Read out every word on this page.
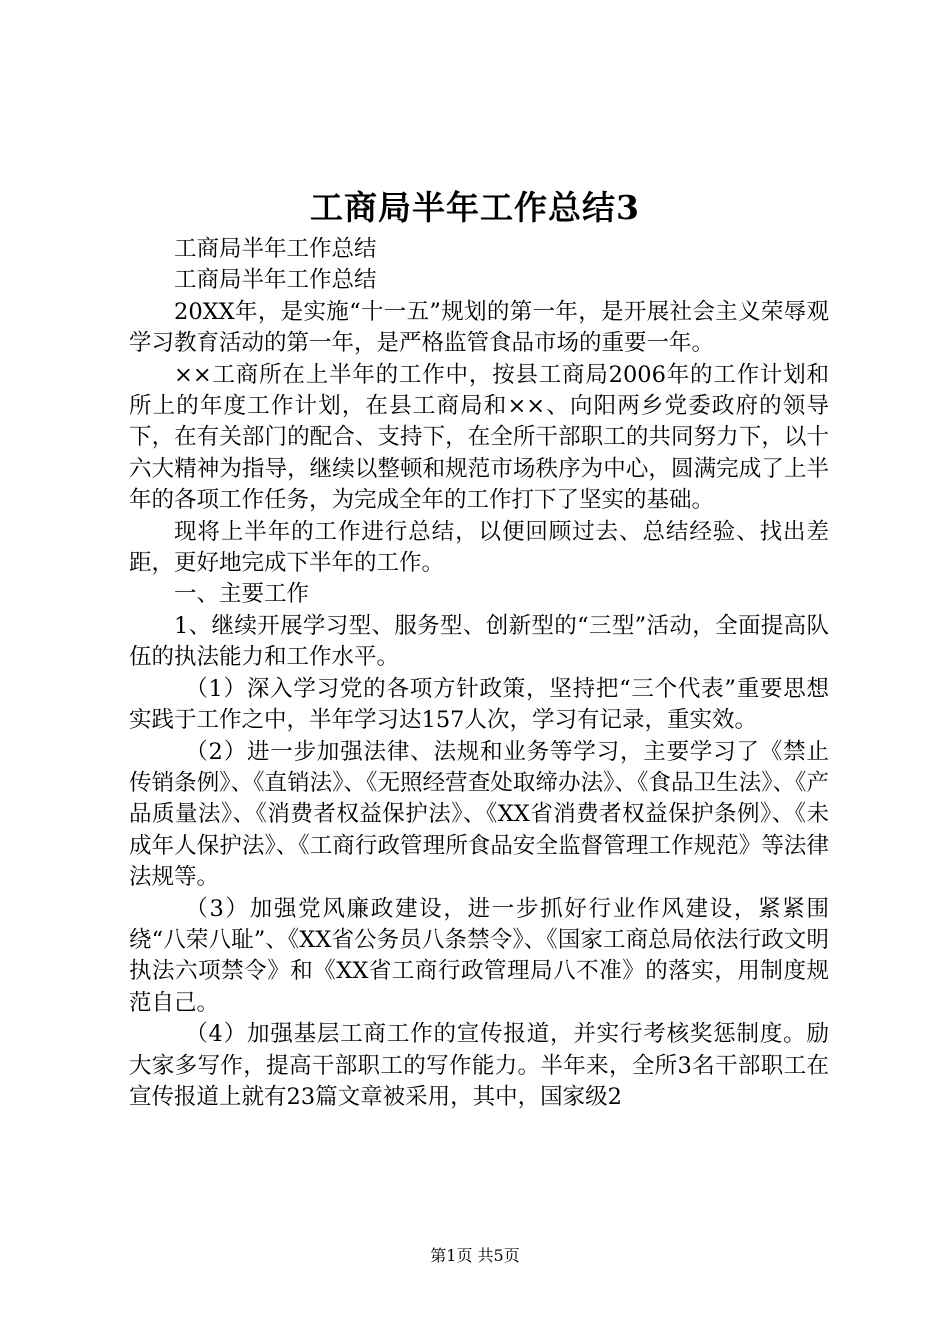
工商局半年工作总结3

工商局半年工作总结

工商局半年工作总结

20XX年，是实施“十一五”规划的第一年，是开展社会主义荣辱观学习教育活动的第一年，是严格监管食品市场的重要一年。

××工商所在上半年的工作中，按县工商局2006年的工作计划和所上的年度工作计划，在县工商局和××、向阳两乡党委政府的领导下，在有关部门的配合、支持下，在全所干部职工的共同努力下，以十六大精神为指导，继续以整顿和规范市场秩序为中心，圆满完成了上半年的各项工作任务，为完成全年的工作打下了坚实的基础。

现将上半年的工作进行总结，以便回顾过去、总结经验、找出差距，更好地完成下半年的工作。

一、主要工作

1、继续开展学习型、服务型、创新型的“三型”活动，全面提高队伍的执法能力和工作水平。

（1）深入学习党的各项方针政策，坚持把“三个代表”重要思想实践于工作之中，半年学习达157人次，学习有记录，重实效。

（2）进一步加强法律、法规和业务等学习，主要学习了《禁止传销条例》、《直销法》、《无照经营查处取缔办法》、《食品卫生法》、《产品质量法》、《消费者权益保护法》、《XX省消费者权益保护条例》、《未成年人保护法》、《工商行政管理所食品安全监督管理工作规范》等法律法规等。

（3）加强党风廉政建设，进一步抓好行业作风建设，紧紧围绕“八荣八耻”、《XX省公务员八条禁令》、《国家工商总局依法行政文明执法六项禁令》和《XX省工商行政管理局八不准》的落实，用制度规范自己。

（4）加强基层工商工作的宣传报道，并实行考核奖惩制度。励大家多写作，提高干部职工的写作能力。半年来，全所3名干部职工在宣传报道上就有23篇文章被采用，其中，国家级2

第1页 共5页
